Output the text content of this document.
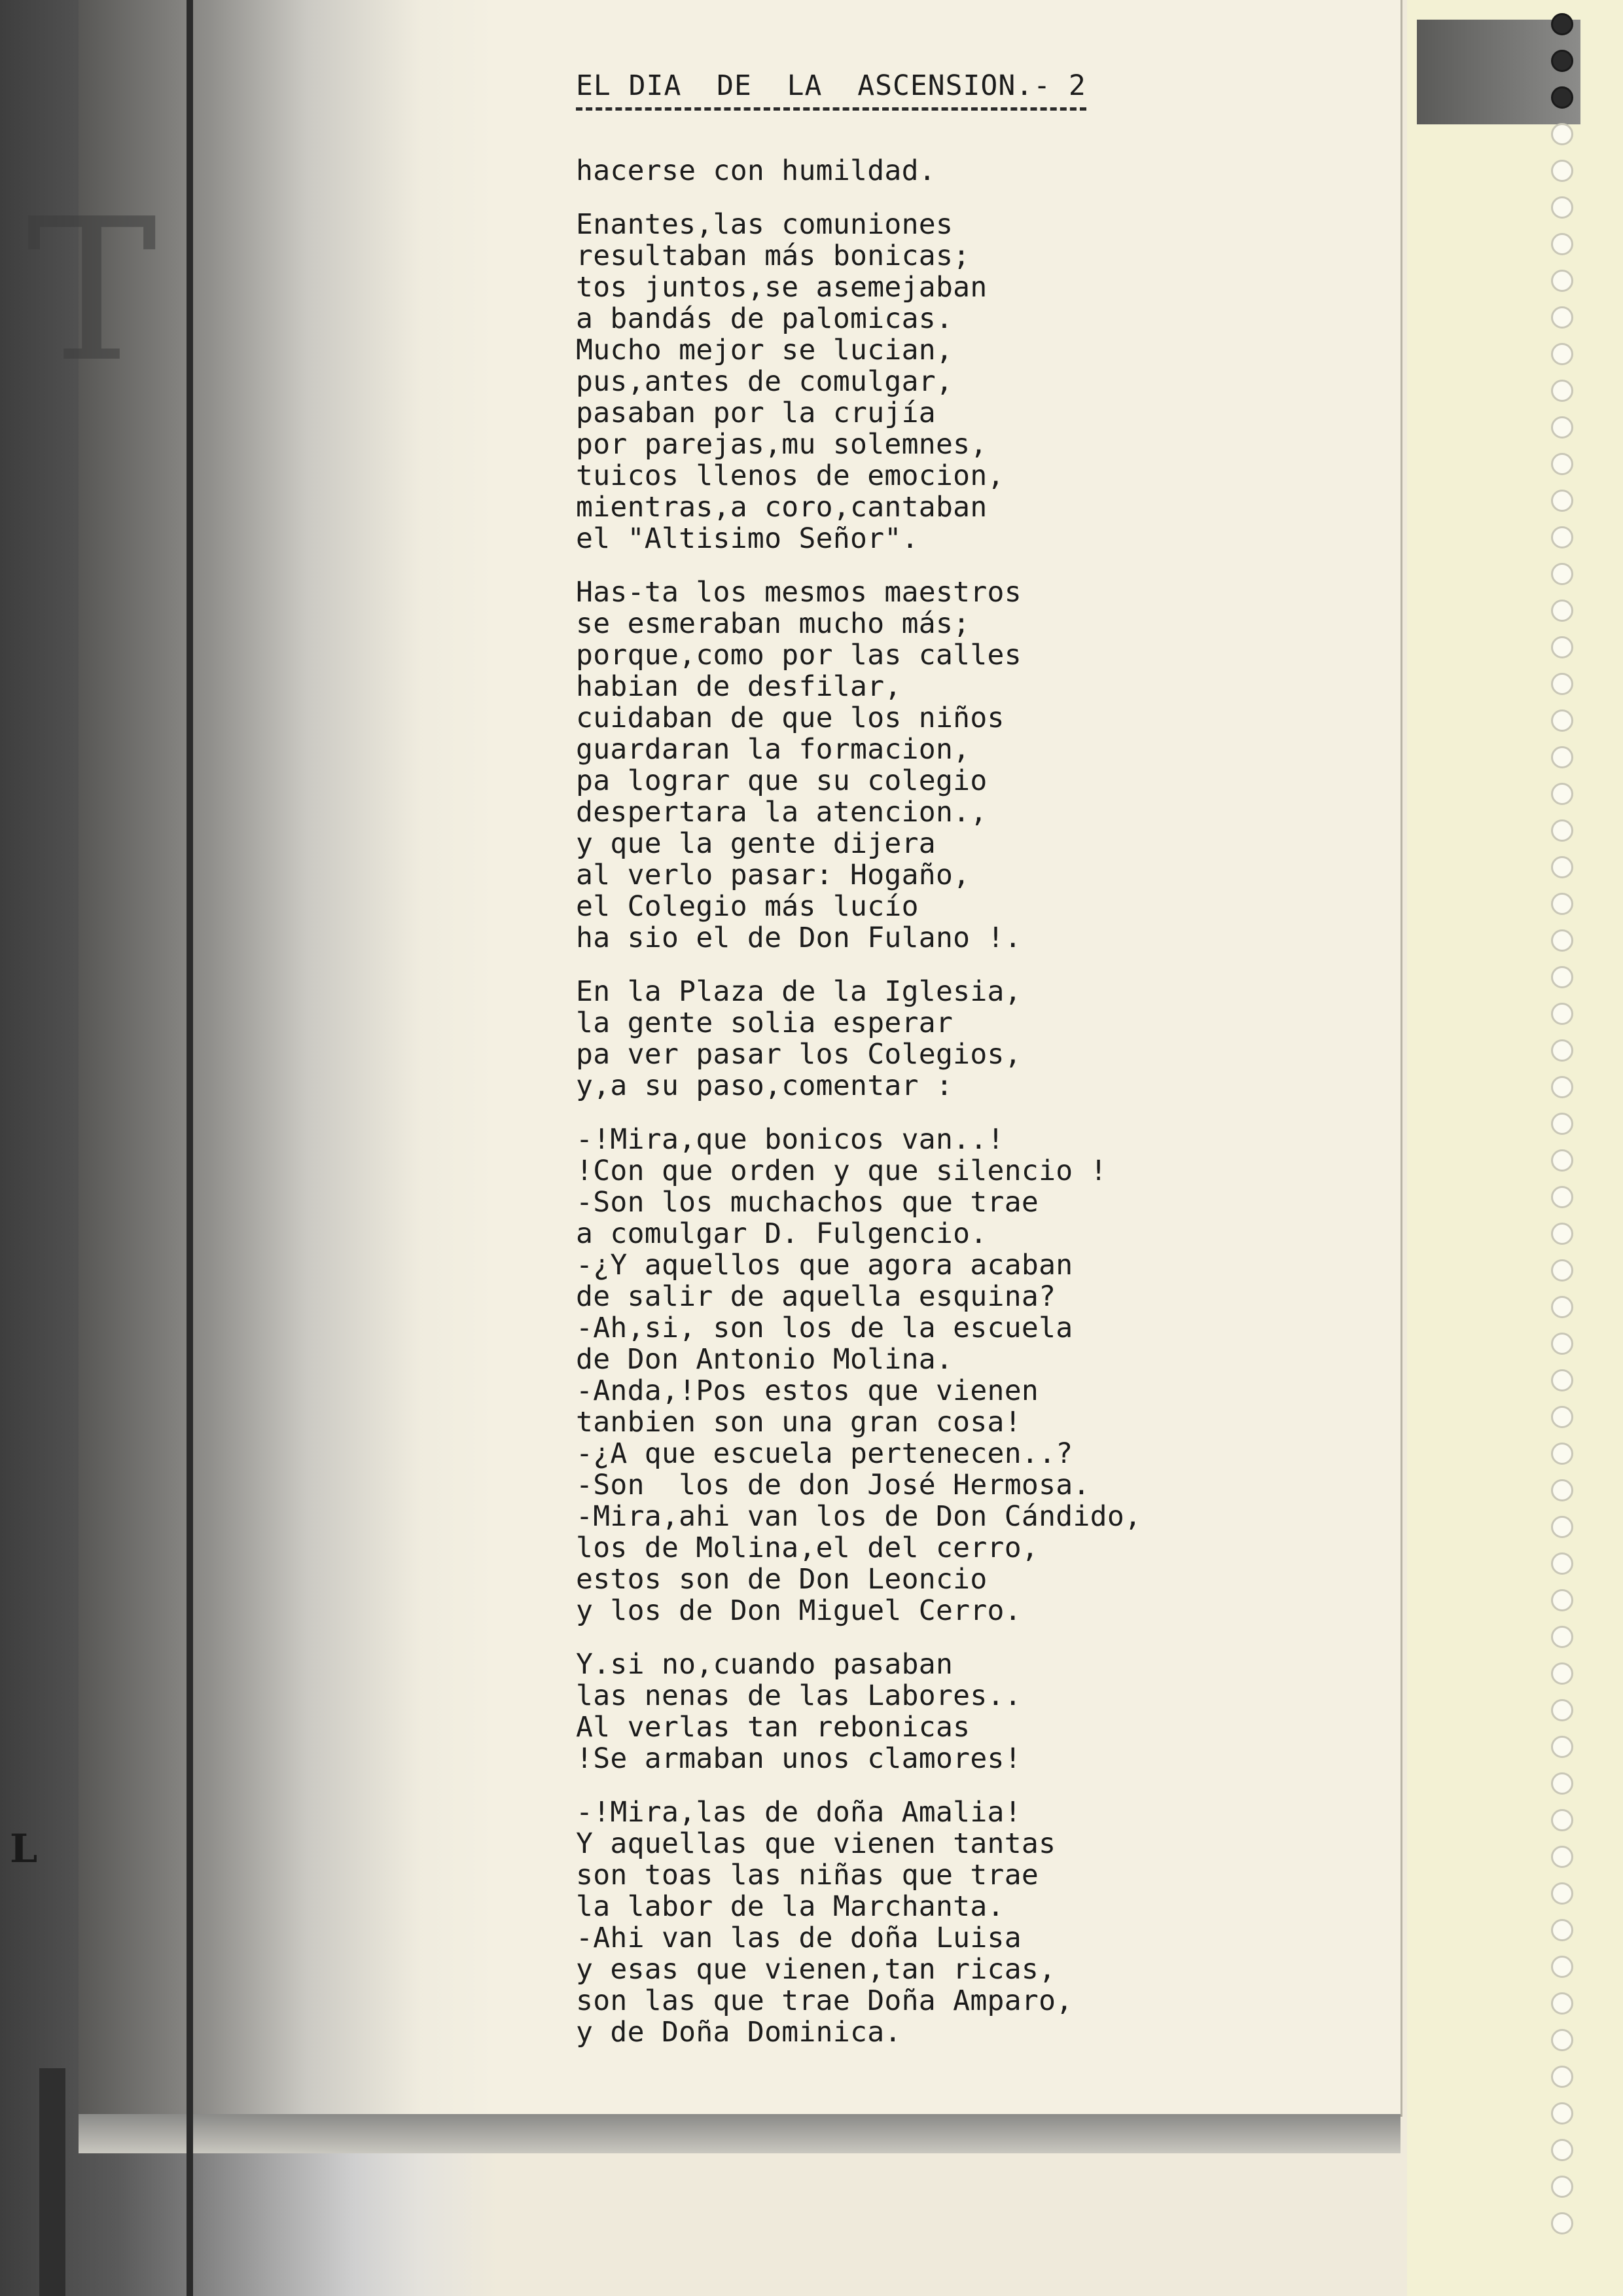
T
L
EL DIA  DE  LA  ASCENSION.- 2
hacerse con humildad.
Enantes,las comuniones
resultaban más bonicas;
tos juntos,se asemejaban
a bandás de palomicas.
Mucho mejor se lucian,
pus,antes de comulgar,
pasaban por la crujía
por parejas,mu solemnes,
tuicos llenos de emocion,
mientras,a coro,cantaban
el "Altisimo Señor".
Has-ta los mesmos maestros
se esmeraban mucho más;
porque,como por las calles
habian de desfilar,
cuidaban de que los niños
guardaran la formacion,
pa lograr que su colegio
despertara la atencion.,
y que la gente dijera
al verlo pasar: Hogaño,
el Colegio más lucío
ha sio el de Don Fulano !.
En la Plaza de la Iglesia,
la gente solia esperar
pa ver pasar los Colegios,
y,a su paso,comentar :
-!Mira,que bonicos van..!
!Con que orden y que silencio !
-Son los muchachos que trae
a comulgar D. Fulgencio.
-¿Y aquellos que agora acaban
de salir de aquella esquina?
-Ah,si, son los de la escuela
de Don Antonio Molina.
-Anda,!Pos estos que vienen
tanbien son una gran cosa!
-¿A que escuela pertenecen..?
-Son  los de don José Hermosa.
-Mira,ahi van los de Don Cándido,
los de Molina,el del cerro,
estos son de Don Leoncio
y los de Don Miguel Cerro.
Y.si no,cuando pasaban
las nenas de las Labores..
Al verlas tan rebonicas
!Se armaban unos clamores!
-!Mira,las de doña Amalia!
Y aquellas que vienen tantas
son toas las niñas que trae
la labor de la Marchanta.
-Ahi van las de doña Luisa
y esas que vienen,tan ricas,
son las que trae Doña Amparo,
y de Doña Dominica.
